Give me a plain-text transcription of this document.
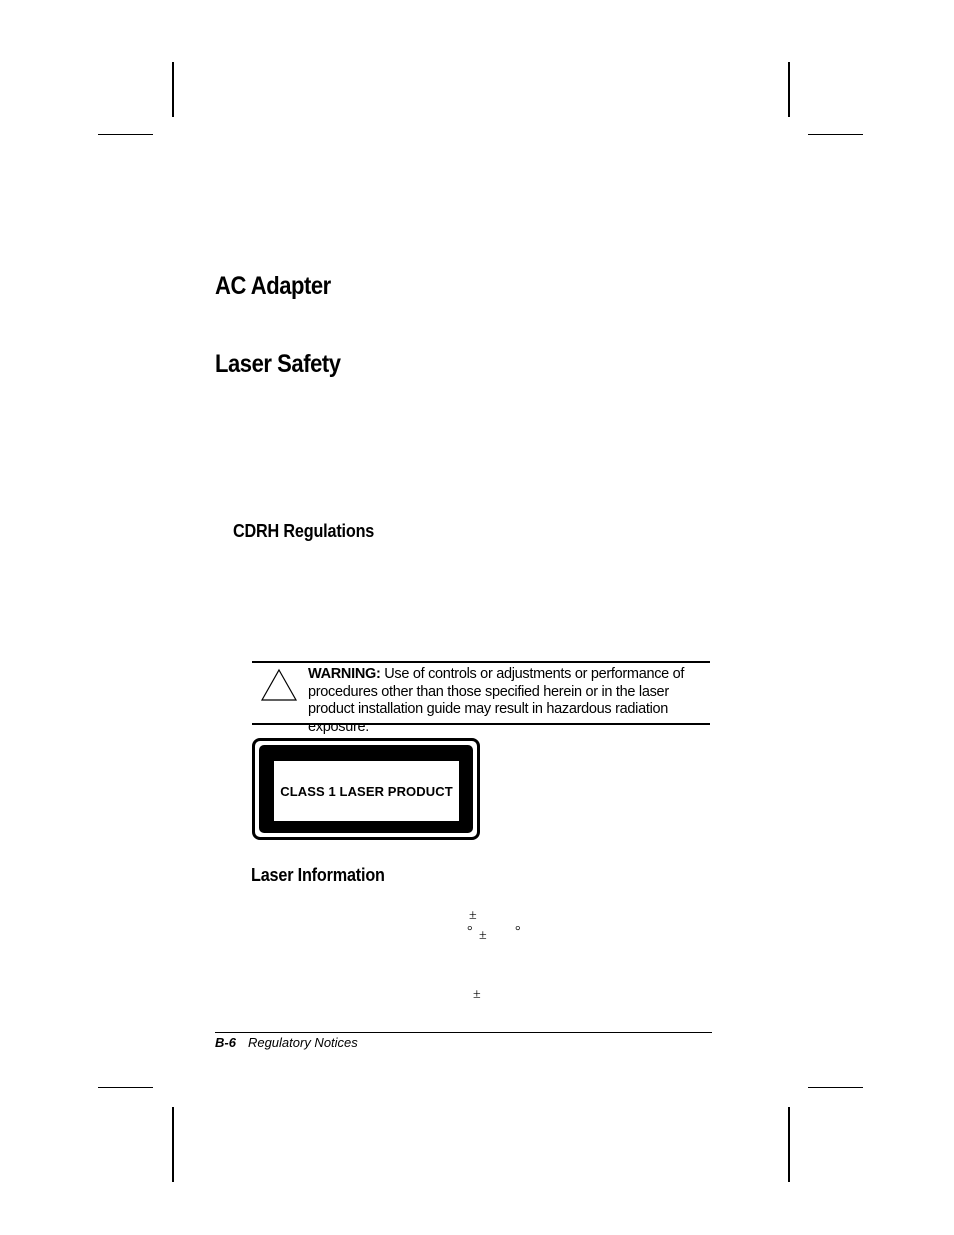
AC Adapter
Laser Safety
CDRH Regulations
WARNING: Use of controls or adjustments or performance of procedures other than those specified herein or in the laser product installation guide may result in hazardous radiation exposure.
CLASS 1 LASER PRODUCT
Laser Information
±
° ± °
±
B-6 Regulatory Notices
